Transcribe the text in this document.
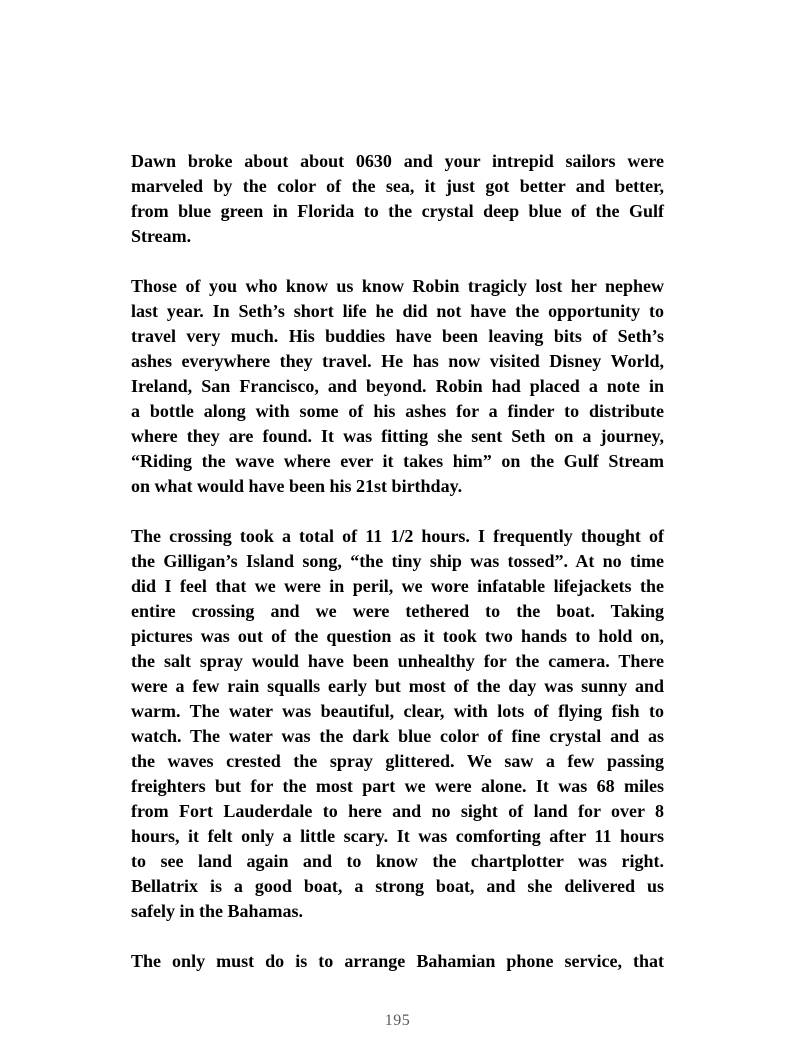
Dawn broke about about 0630 and your intrepid sailors were
marveled by the color of the sea, it just got better and better,
from blue green in Florida to the crystal deep blue of the Gulf
Stream.
Those of you who know us know Robin tragicly lost her nephew
last year. In Seth’s short life he did not have the opportunity to
travel very much. His buddies have been leaving bits of Seth’s
ashes everywhere they travel. He has now visited Disney World,
Ireland, San Francisco, and beyond. Robin had placed a note in
a bottle along with some of his ashes for a finder to distribute
where they are found. It was fitting she sent Seth on a journey,
“Riding the wave where ever it takes him” on the Gulf Stream
on what would have been his 21st birthday.
The crossing took a total of 11 1/2 hours. I frequently thought of
the Gilligan’s Island song, “the tiny ship was tossed”. At no time
did I feel that we were in peril, we wore infatable lifejackets the
entire crossing and we were tethered to the boat. Taking
pictures was out of the question as it took two hands to hold on,
the salt spray would have been unhealthy for the camera. There
were a few rain squalls early but most of the day was sunny and
warm. The water was beautiful, clear, with lots of flying fish to
watch. The water was the dark blue color of fine crystal and as
the waves crested the spray glittered. We saw a few passing
freighters but for the most part we were alone. It was 68 miles
from Fort Lauderdale to here and no sight of land for over 8
hours, it felt only a little scary. It was comforting after 11 hours
to see land again and to know the chartplotter was right.
Bellatrix is a good boat, a strong boat, and she delivered us
safely in the Bahamas.
The only must do is to arrange Bahamian phone service, that
195
